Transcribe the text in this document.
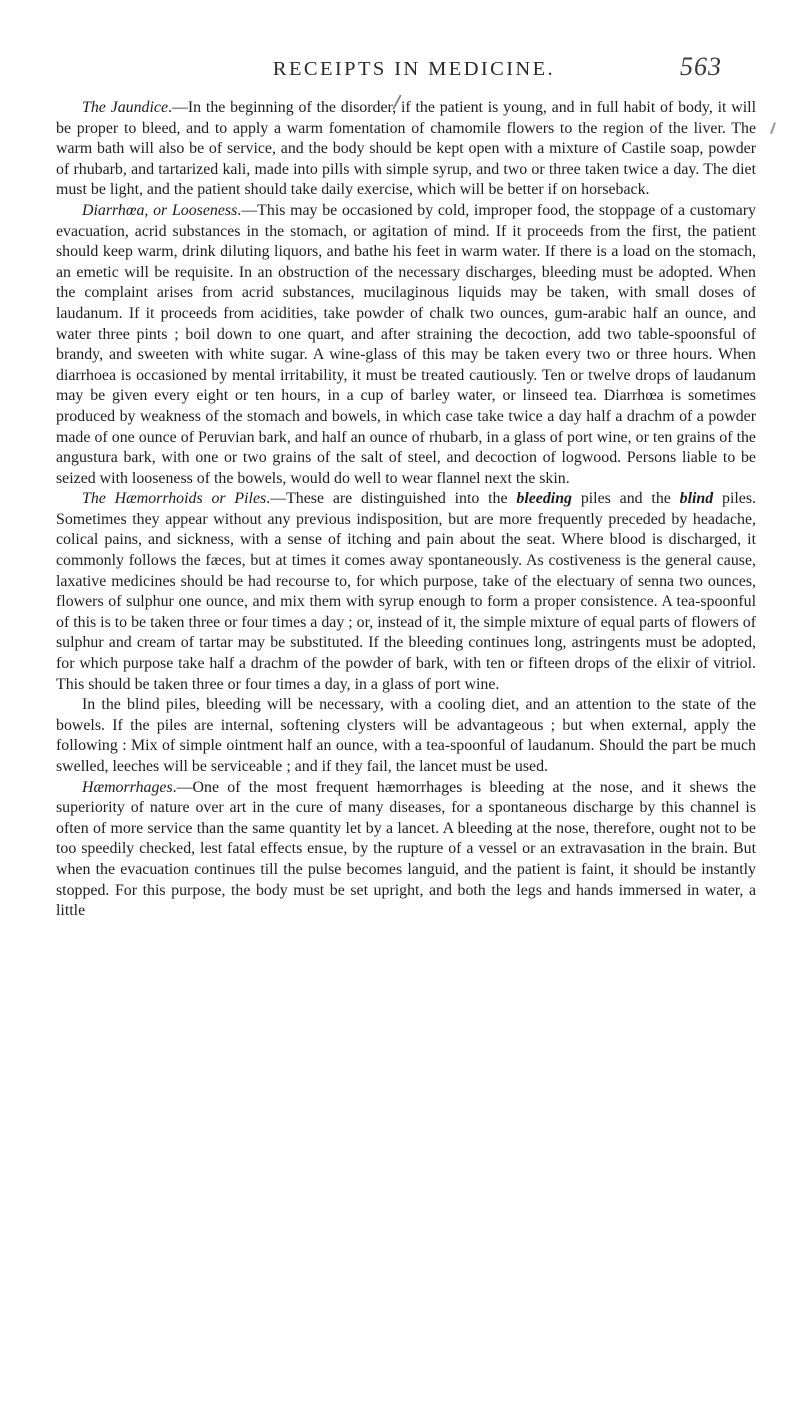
RECEIPTS IN MEDICINE.	563

The Jaundice.—In the beginning of the disorder, if the patient is young, and in full habit of body, it will be proper to bleed, and to apply a warm fomentation of chamomile flowers to the region of the liver. The warm bath will also be of service, and the body should be kept open with a mixture of Castile soap, powder of rhubarb, and tartarized kali, made into pills with simple syrup, and two or three taken twice a day. The diet must be light, and the patient should take daily exercise, which will be better if on horseback.

Diarrhœa, or Looseness.—This may be occasioned by cold, improper food, the stoppage of a customary evacuation, acrid substances in the stomach, or agitation of mind. If it proceeds from the first, the patient should keep warm, drink diluting liquors, and bathe his feet in warm water. If there is a load on the stomach, an emetic will be requisite. In an obstruction of the necessary discharges, bleeding must be adopted. When the complaint arises from acrid substances, mucilaginous liquids may be taken, with small doses of laudanum. If it proceeds from acidities, take powder of chalk two ounces, gum-arabic half an ounce, and water three pints ; boil down to one quart, and after straining the decoction, add two table-spoonsful of brandy, and sweeten with white sugar. A wine-glass of this may be taken every two or three hours. When diarrhoea is occasioned by mental irritability, it must be treated cautiously. Ten or twelve drops of laudanum may be given every eight or ten hours, in a cup of barley water, or linseed tea. Diarrhœa is sometimes produced by weakness of the stomach and bowels, in which case take twice a day half a drachm of a powder made of one ounce of Peruvian bark, and half an ounce of rhubarb, in a glass of port wine, or ten grains of the angustura bark, with one or two grains of the salt of steel, and decoction of logwood. Persons liable to be seized with looseness of the bowels, would do well to wear flannel next the skin.

The Hæmorrhoids or Piles.—These are distinguished into the bleeding piles and the blind piles. Sometimes they appear without any previous indisposition, but are more frequently preceded by headache, colical pains, and sickness, with a sense of itching and pain about the seat. Where blood is discharged, it commonly follows the fæces, but at times it comes away spontaneously. As costiveness is the general cause, laxative medicines should be had recourse to, for which purpose, take of the electuary of senna two ounces, flowers of sulphur one ounce, and mix them with syrup enough to form a proper consistence. A tea-spoonful of this is to be taken three or four times a day ; or, instead of it, the simple mixture of equal parts of flowers of sulphur and cream of tartar may be substituted. If the bleeding continues long, astringents must be adopted, for which purpose take half a drachm of the powder of bark, with ten or fifteen drops of the elixir of vitriol. This should be taken three or four times a day, in a glass of port wine.

In the blind piles, bleeding will be necessary, with a cooling diet, and an attention to the state of the bowels. If the piles are internal, softening clysters will be advantageous ; but when external, apply the following : Mix of simple ointment half an ounce, with a tea-spoonful of laudanum. Should the part be much swelled, leeches will be serviceable ; and if they fail, the lancet must be used.

Hæmorrhages.—One of the most frequent hæmorrhages is bleeding at the nose, and it shews the superiority of nature over art in the cure of many diseases, for a spontaneous discharge by this channel is often of more service than the same quantity let by a lancet. A bleeding at the nose, therefore, ought not to be too speedily checked, lest fatal effects ensue, by the rupture of a vessel or an extravasation in the brain. But when the evacuation continues till the pulse becomes languid, and the patient is faint, it should be instantly stopped. For this purpose, the body must be set upright, and both the legs and hands immersed in water, a little
